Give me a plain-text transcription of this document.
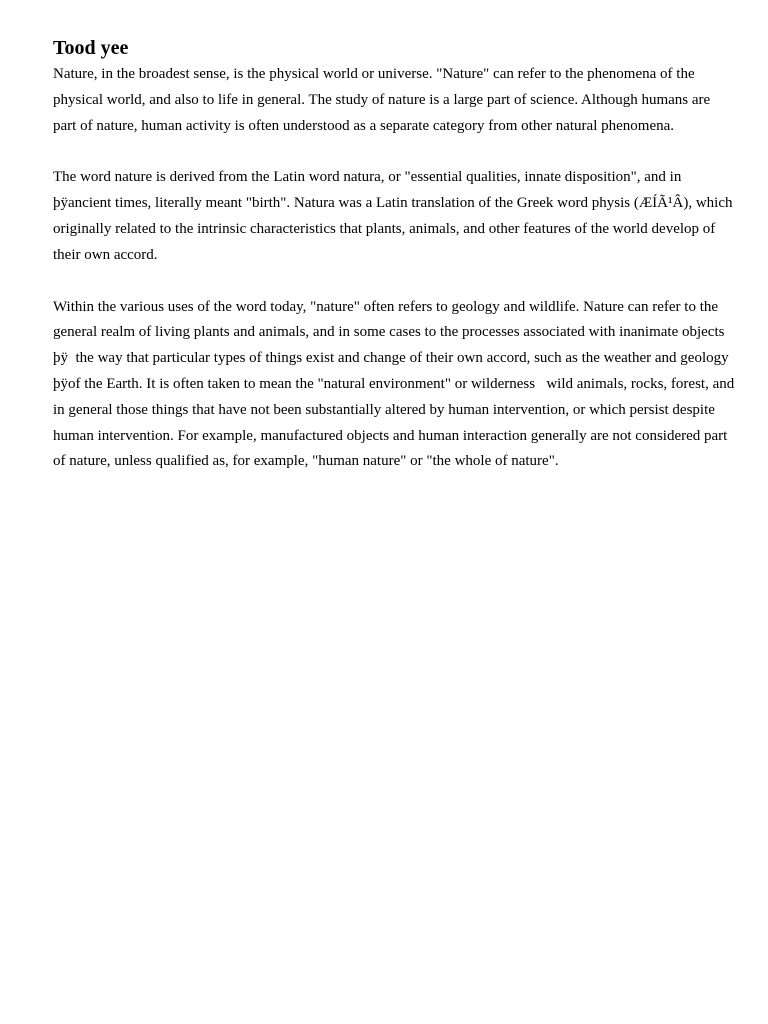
Tood yee

Nature, in the broadest sense, is the physical world or universe. "Nature" can refer to the phenomena of the
physical world, and also to life in general. The study of nature is a large part of science. Although humans are
part of nature, human activity is often understood as a separate category from other natural phenomena.

The word nature is derived from the Latin word natura, or "essential qualities, innate disposition", and in
þÿancient times, literally meant "birth". Natura was a Latin translation of the Greek word physis (ÆÍÃ¹Â), which
originally related to the intrinsic characteristics that plants, animals, and other features of the world develop of
their own accord.

Within the various uses of the word today, "nature" often refers to geology and wildlife. Nature can refer to the
general realm of living plants and animals, and in some cases to the processes associated with inanimate objects
þÿ  the way that particular types of things exist and change of their own accord, such as the weather and geology
þÿof the Earth. It is often taken to mean the "natural environment" or wilderness   wild animals, rocks, forest, and
in general those things that have not been substantially altered by human intervention, or which persist despite
human intervention. For example, manufactured objects and human interaction generally are not considered part
of nature, unless qualified as, for example, "human nature" or "the whole of nature".
